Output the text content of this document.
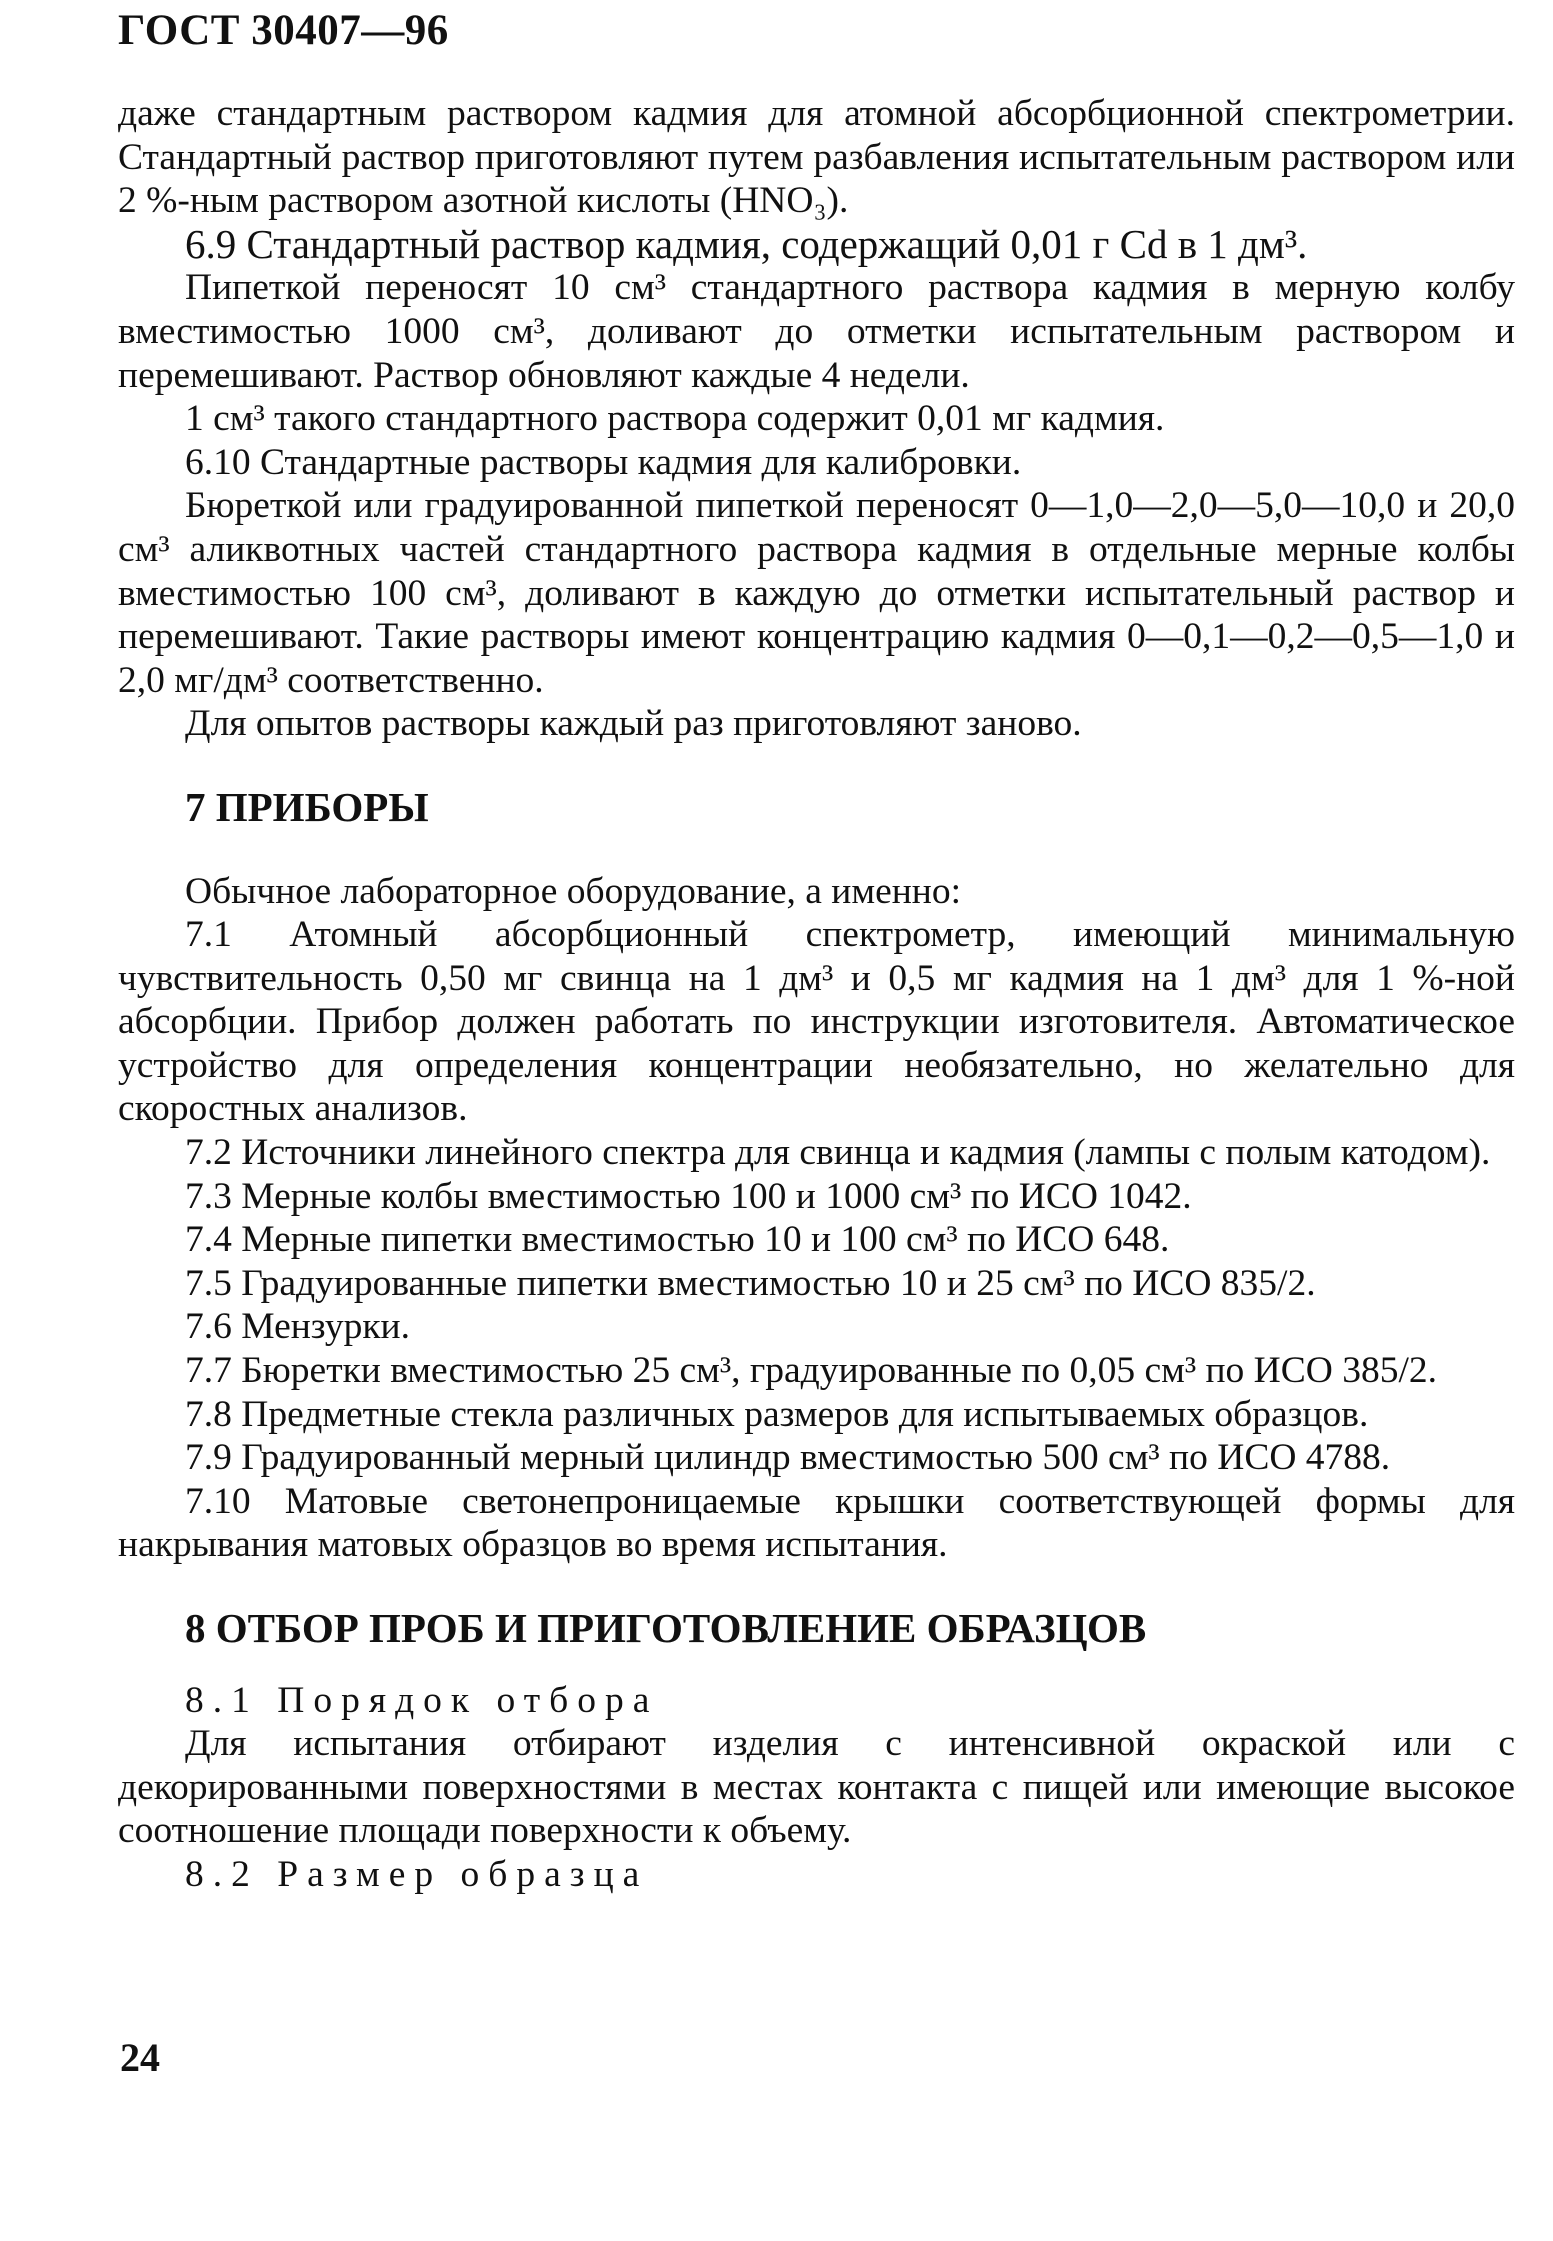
ГОСТ 30407—96

даже стандартным раствором кадмия для атомной абсорбционной спектрометрии. Стандартный раствор приготовляют путем разбавления испытательным раствором или 2 %-ным раствором азотной кислоты (HNO₃).

6.9 Стандартный раствор кадмия, содержащий 0,01 г Cd в 1 дм³.

Пипеткой переносят 10 см³ стандартного раствора кадмия в мерную колбу вместимостью 1000 см³, доливают до отметки испытательным раствором и перемешивают. Раствор обновляют каждые 4 недели.

1 см³ такого стандартного раствора содержит 0,01 мг кадмия.

6.10 Стандартные растворы кадмия для калибровки.

Бюреткой или градуированной пипеткой переносят 0—1,0—2,0—5,0—10,0 и 20,0 см³ аликвотных частей стандартного раствора кадмия в отдельные мерные колбы вместимостью 100 см³, доливают в каждую до отметки испытательный раствор и перемешивают. Такие растворы имеют концентрацию кадмия 0—0,1—0,2—0,5—1,0 и 2,0 мг/дм³ соответственно.

Для опытов растворы каждый раз приготовляют заново.

7 ПРИБОРЫ

Обычное лабораторное оборудование, а именно:

7.1 Атомный абсорбционный спектрометр, имеющий минимальную чувствительность 0,50 мг свинца на 1 дм³ и 0,5 мг кадмия на 1 дм³ для 1 %-ной абсорбции. Прибор должен работать по инструкции изготовителя. Автоматическое устройство для определения концентрации необязательно, но желательно для скоростных анализов.

7.2 Источники линейного спектра для свинца и кадмия (лампы с полым катодом).

7.3 Мерные колбы вместимостью 100 и 1000 см³ по ИСО 1042.

7.4 Мерные пипетки вместимостью 10 и 100 см³ по ИСО 648.

7.5 Градуированные пипетки вместимостью 10 и 25 см³ по ИСО 835/2.

7.6 Мензурки.

7.7 Бюретки вместимостью 25 см³, градуированные по 0,05 см³ по ИСО 385/2.

7.8 Предметные стекла различных размеров для испытываемых образцов.

7.9 Градуированный мерный цилиндр вместимостью 500 см³ по ИСО 4788.

7.10 Матовые светонепроницаемые крышки соответствующей формы для накрывания матовых образцов во время испытания.

8 ОТБОР ПРОБ И ПРИГОТОВЛЕНИЕ ОБРАЗЦОВ

8.1 Порядок отбора

Для испытания отбирают изделия с интенсивной окраской или с декорированными поверхностями в местах контакта с пищей или имеющие высокое соотношение площади поверхности к объему.

8.2 Размер образца

24
